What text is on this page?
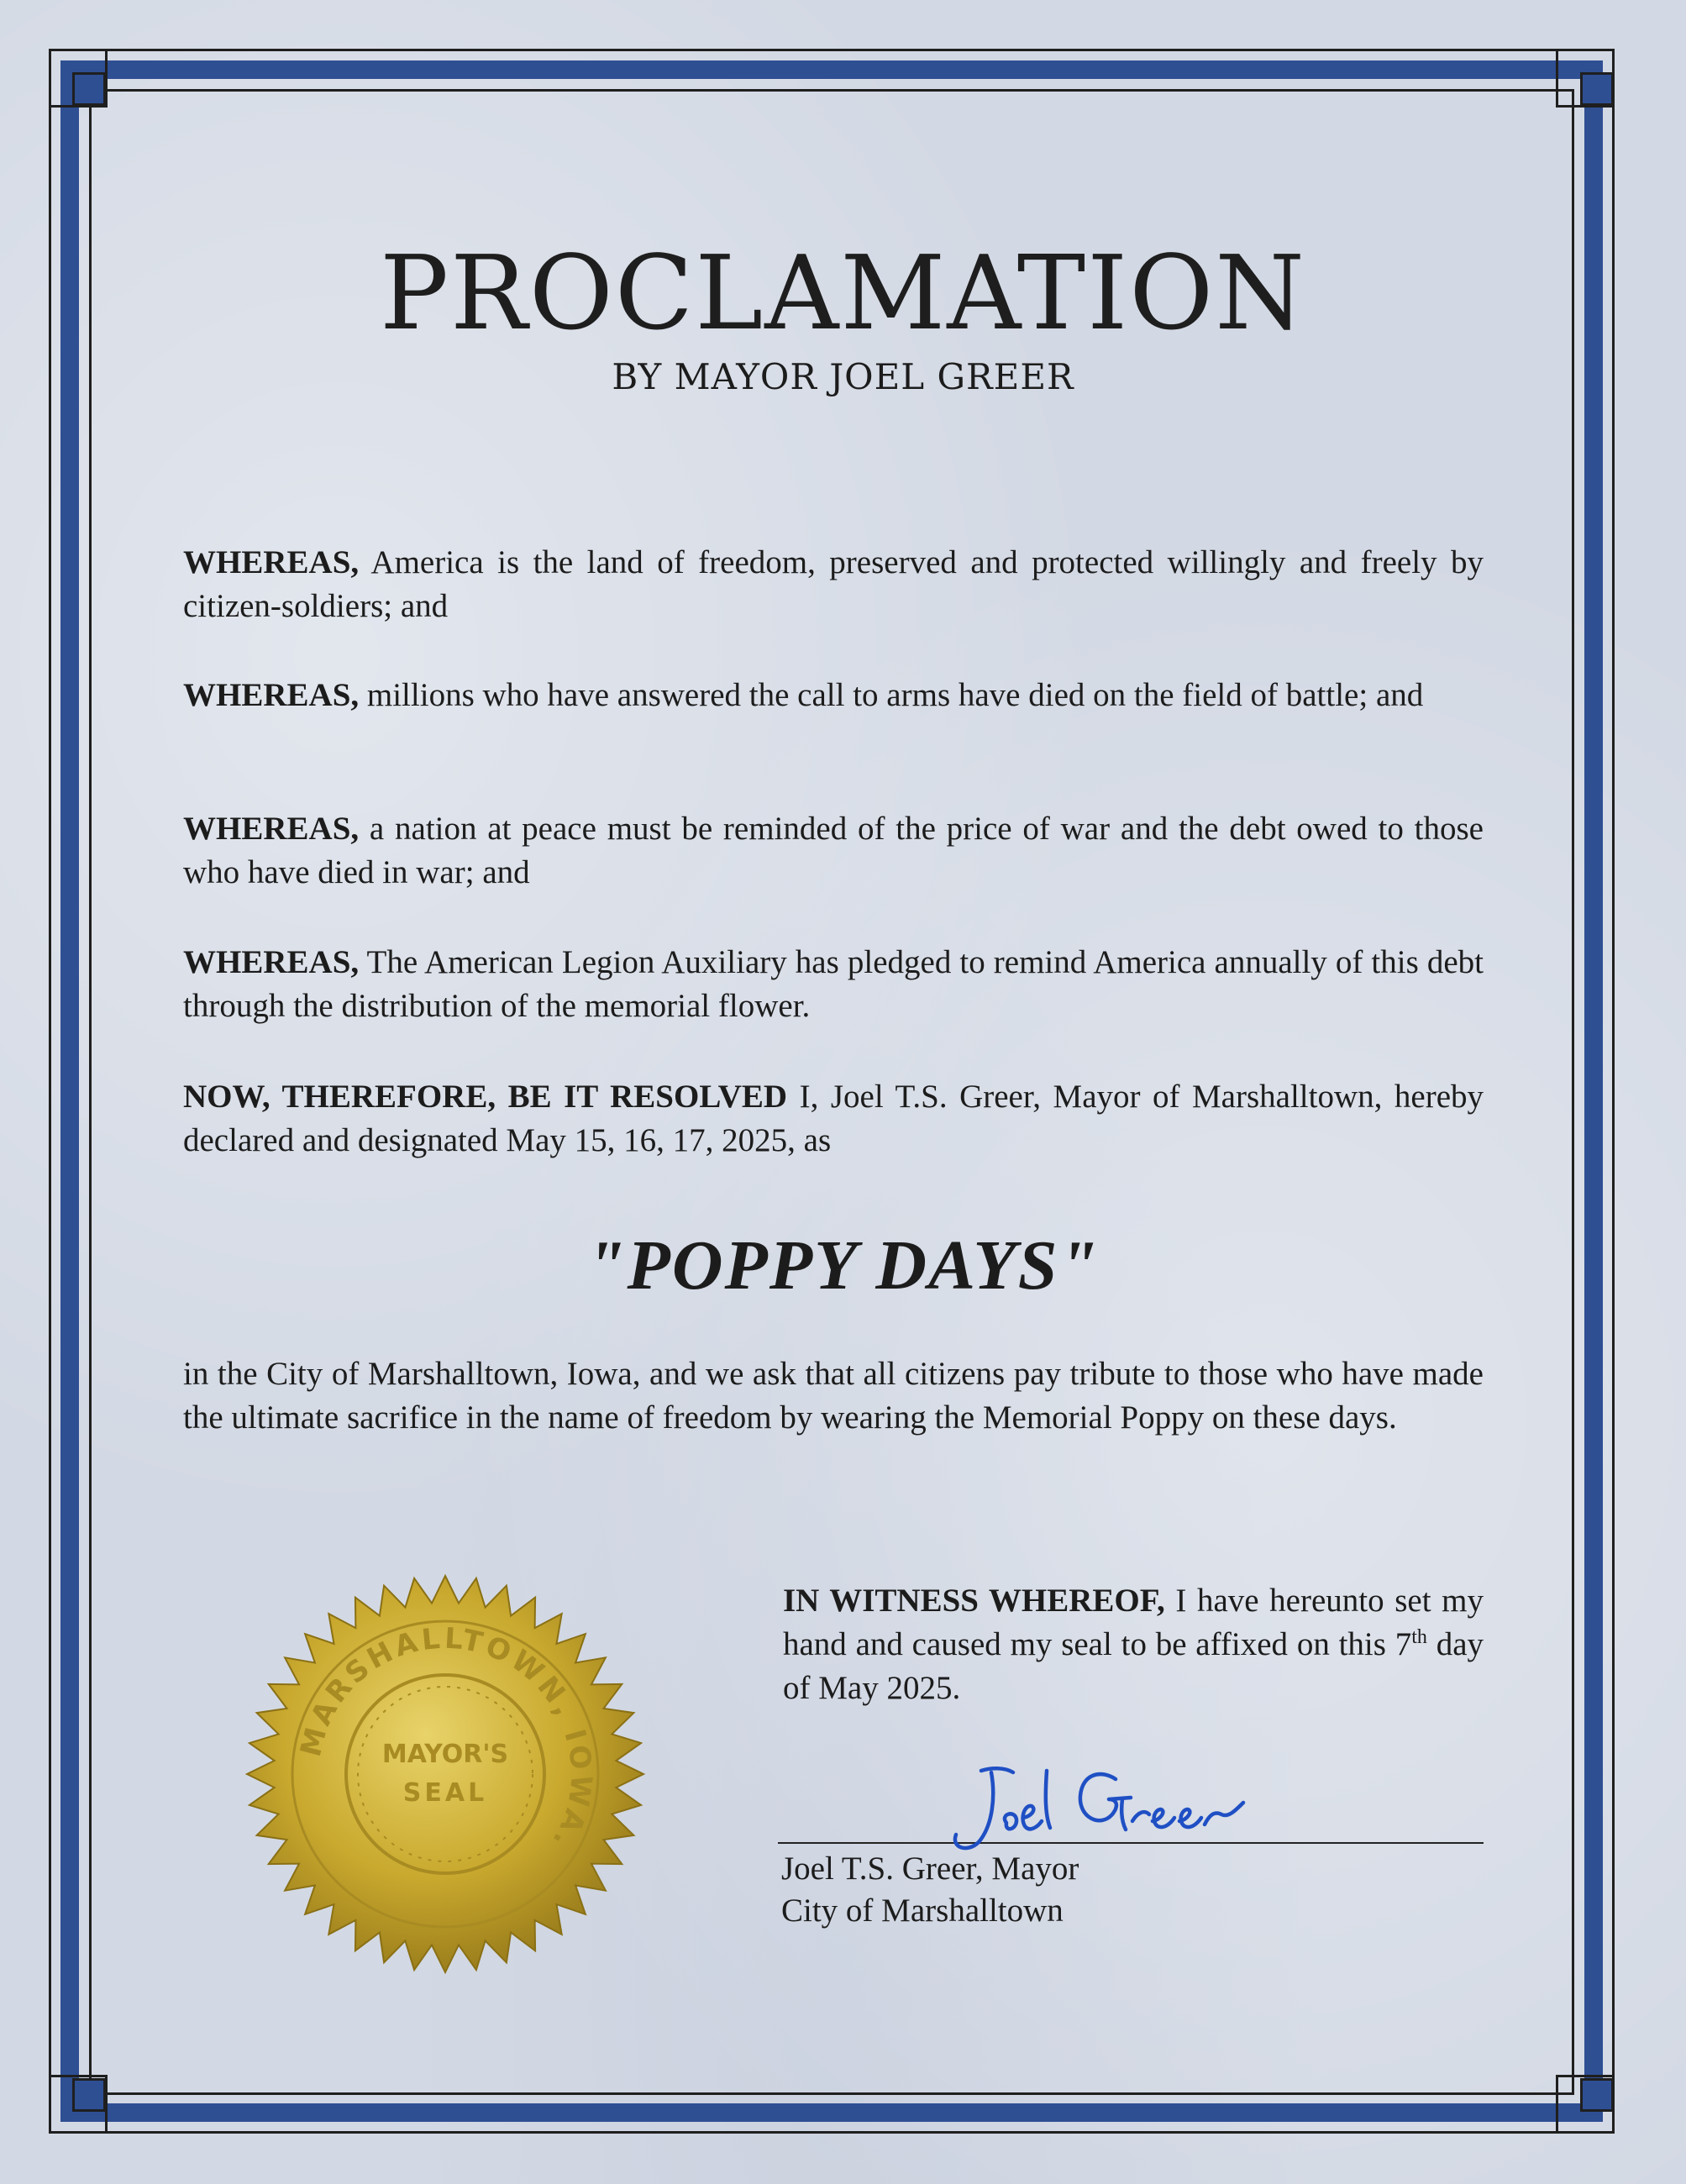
PROCLAMATION
BY MAYOR JOEL GREER
WHEREAS, America is the land of freedom, preserved and protected willingly and freely by citizen-soldiers; and
WHEREAS, millions who have answered the call to arms have died on the field of battle; and
WHEREAS, a nation at peace must be reminded of the price of war and the debt owed to those who have died in war; and
WHEREAS, The American Legion Auxiliary has pledged to remind America annually of this debt through the distribution of the memorial flower.
NOW, THEREFORE, BE IT RESOLVED I, Joel T.S. Greer, Mayor of Marshalltown, hereby declared and designated May 15, 16, 17, 2025, as
"POPPY DAYS"
in the City of Marshalltown, Iowa, and we ask that all citizens pay tribute to those who have made the ultimate sacrifice in the name of freedom by wearing the Memorial Poppy on these days.
IN WITNESS WHEREOF, I have hereunto set my hand and caused my seal to be affixed on this 7th day of May 2025.
Joel T.S. Greer, Mayor
City of Marshalltown
MARSHALLTOWN, IOWA.
MAYOR'S
SEAL
